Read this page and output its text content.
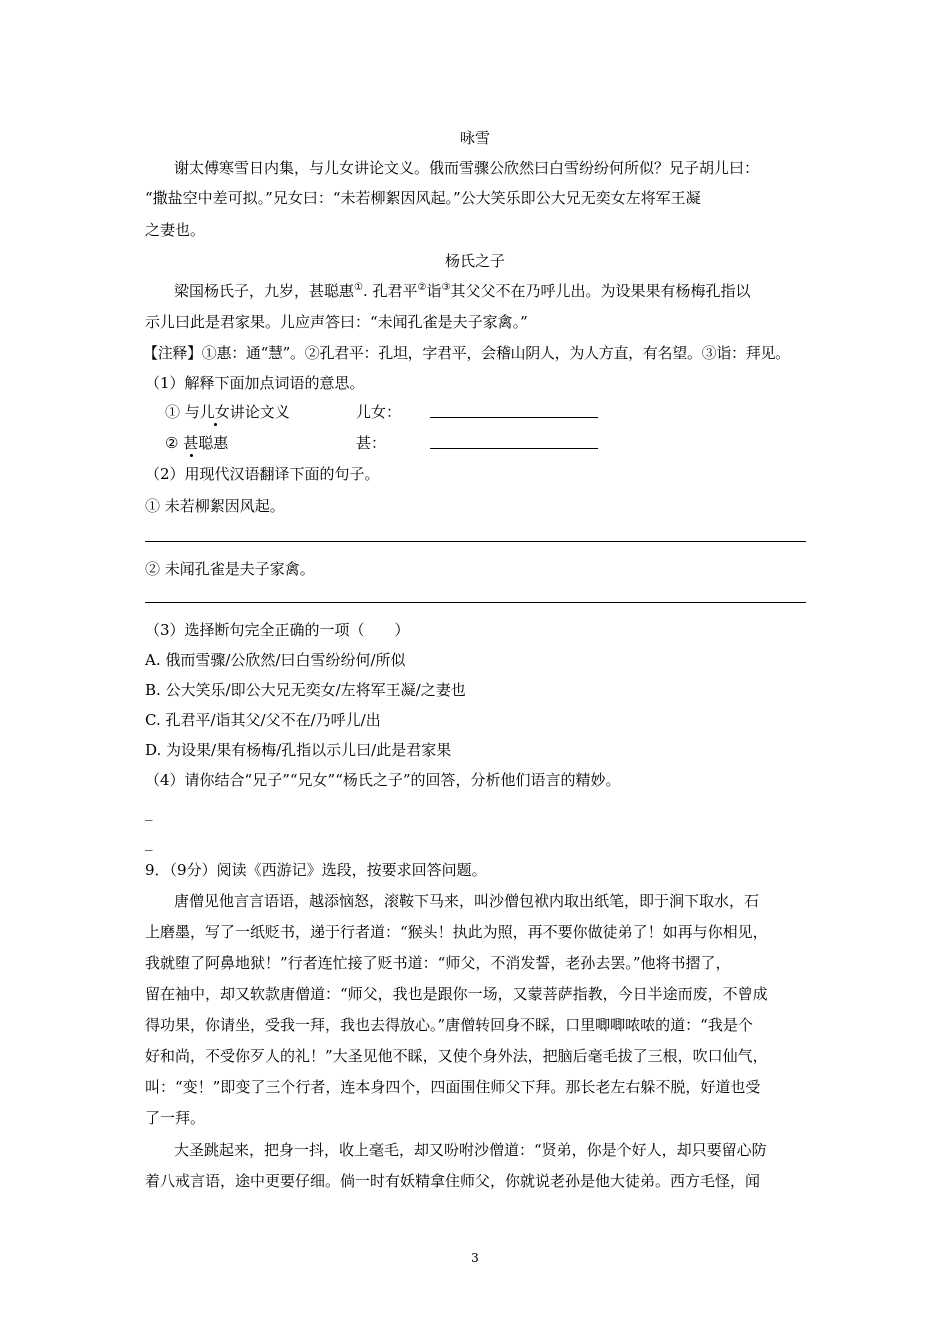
咏雪
谢太傅寒雪日内集，与儿女讲论文义。俄而雪骤公欣然曰白雪纷纷何所似？兄子胡儿曰：
“撒盐空中差可拟。”兄女曰：“未若柳絮因风起。”公大笑乐即公大兄无奕女左将军王凝
之妻也。
杨氏之子
梁国杨氏子，九岁，甚聪惠①. 孔君平②诣③其父父不在乃呼儿出。为设果果有杨梅孔指以
示儿曰此是君家果。儿应声答曰：“未闻孔雀是夫子家禽。”
【注释】①惠：通“慧”。②孔君平：孔坦，字君平，会稽山阴人，为人方直，有名望。③诣：拜见。
（1）解释下面加点词语的意思。
① 与儿女讲论文义	儿女：
② 甚聪惠	甚：
（2）用现代汉语翻译下面的句子。
① 未若柳絮因风起。
② 未闻孔雀是夫子家禽。
（3）选择断句完全正确的一项（　　）
A. 俄而雪骤/公欣然/曰白雪纷纷何/所似
B. 公大笑乐/即公大兄无奕女/左将军王凝/之妻也
C. 孔君平/诣其父/父不在/乃呼儿/出
D. 为设果/果有杨梅/孔指以示儿曰/此是君家果
（4）请你结合“兄子”“兄女”“杨氏之子”的回答，分析他们语言的精妙。
_
_
9．（9分）阅读《西游记》选段，按要求回答问题。
唐僧见他言言语语，越添恼怒，滚鞍下马来，叫沙僧包袱内取出纸笔，即于涧下取水，石
上磨墨，写了一纸贬书，递于行者道：“猴头！执此为照，再不要你做徒弟了！如再与你相见，
我就堕了阿鼻地狱！”行者连忙接了贬书道：“师父，不消发誓，老孙去罢。”他将书摺了，
留在袖中，却又软款唐僧道：“师父，我也是跟你一场，又蒙菩萨指教，今日半途而废，不曾成
得功果，你请坐，受我一拜，我也去得放心。”唐僧转回身不睬，口里唧唧哝哝的道：“我是个
好和尚，不受你歹人的礼！”大圣见他不睬，又使个身外法，把脑后毫毛拔了三根，吹口仙气，
叫：“变！”即变了三个行者，连本身四个，四面围住师父下拜。那长老左右躲不脱，好道也受
了一拜。
大圣跳起来，把身一抖，收上毫毛，却又吩咐沙僧道：“贤弟，你是个好人，却只要留心防
着八戒言语，途中更要仔细。倘一时有妖精拿住师父，你就说老孙是他大徒弟。西方毛怪，闻
3
